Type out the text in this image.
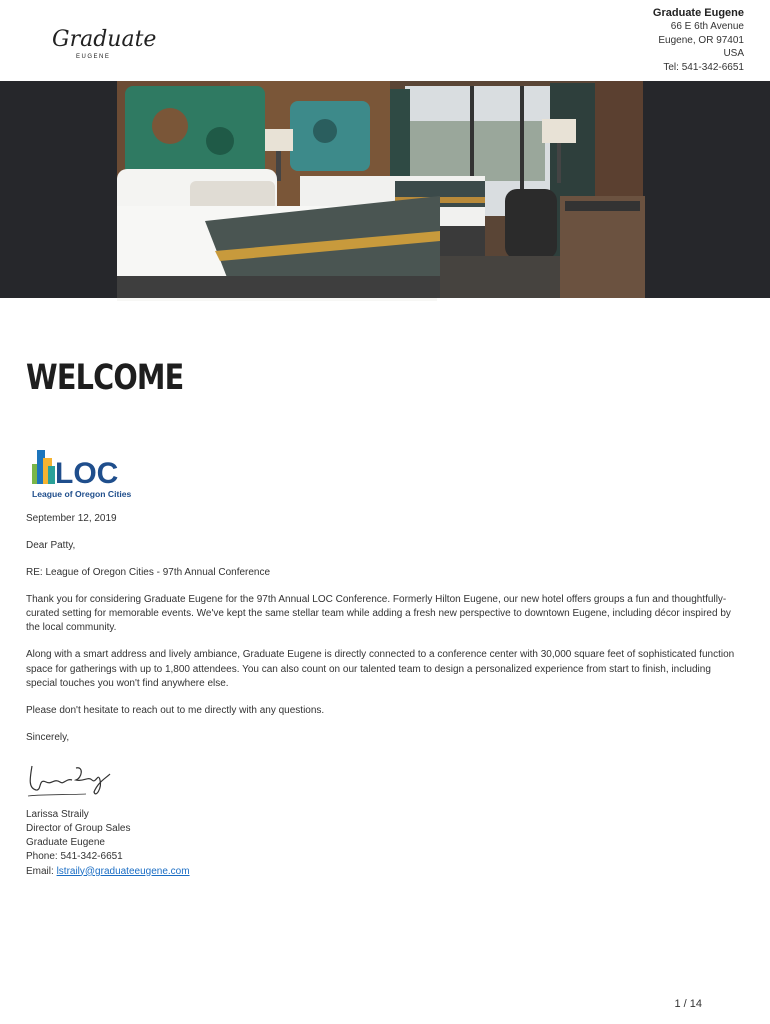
Graduate
EUGENE
Graduate Eugene
66 E 6th Avenue
Eugene, OR 97401
USA
Tel: 541-342-6651
WELCOME
LOC
League of Oregon Cities

September 12, 2019

Dear Patty,

RE: League of Oregon Cities - 97th Annual Conference

Thank you for considering Graduate Eugene for the 97th Annual LOC Conference. Formerly Hilton Eugene, our new hotel offers groups a fun and thoughtfully-curated setting for memorable events. We've kept the same stellar team while adding a fresh new perspective to downtown Eugene, including décor inspired by the local community.

Along with a smart address and lively ambiance, Graduate Eugene is directly connected to a conference center with 30,000 square feet of sophisticated function space for gatherings with up to 1,800 attendees. You can also count on our talented team to design a personalized experience from start to finish, including special touches you won't find anywhere else.

Please don't hesitate to reach out to me directly with any questions.

Sincerely,

Larissa Straily
Director of Group Sales
Graduate Eugene
Phone: 541-342-6651
Email: lstraily@graduateeugene.com
1 / 14
